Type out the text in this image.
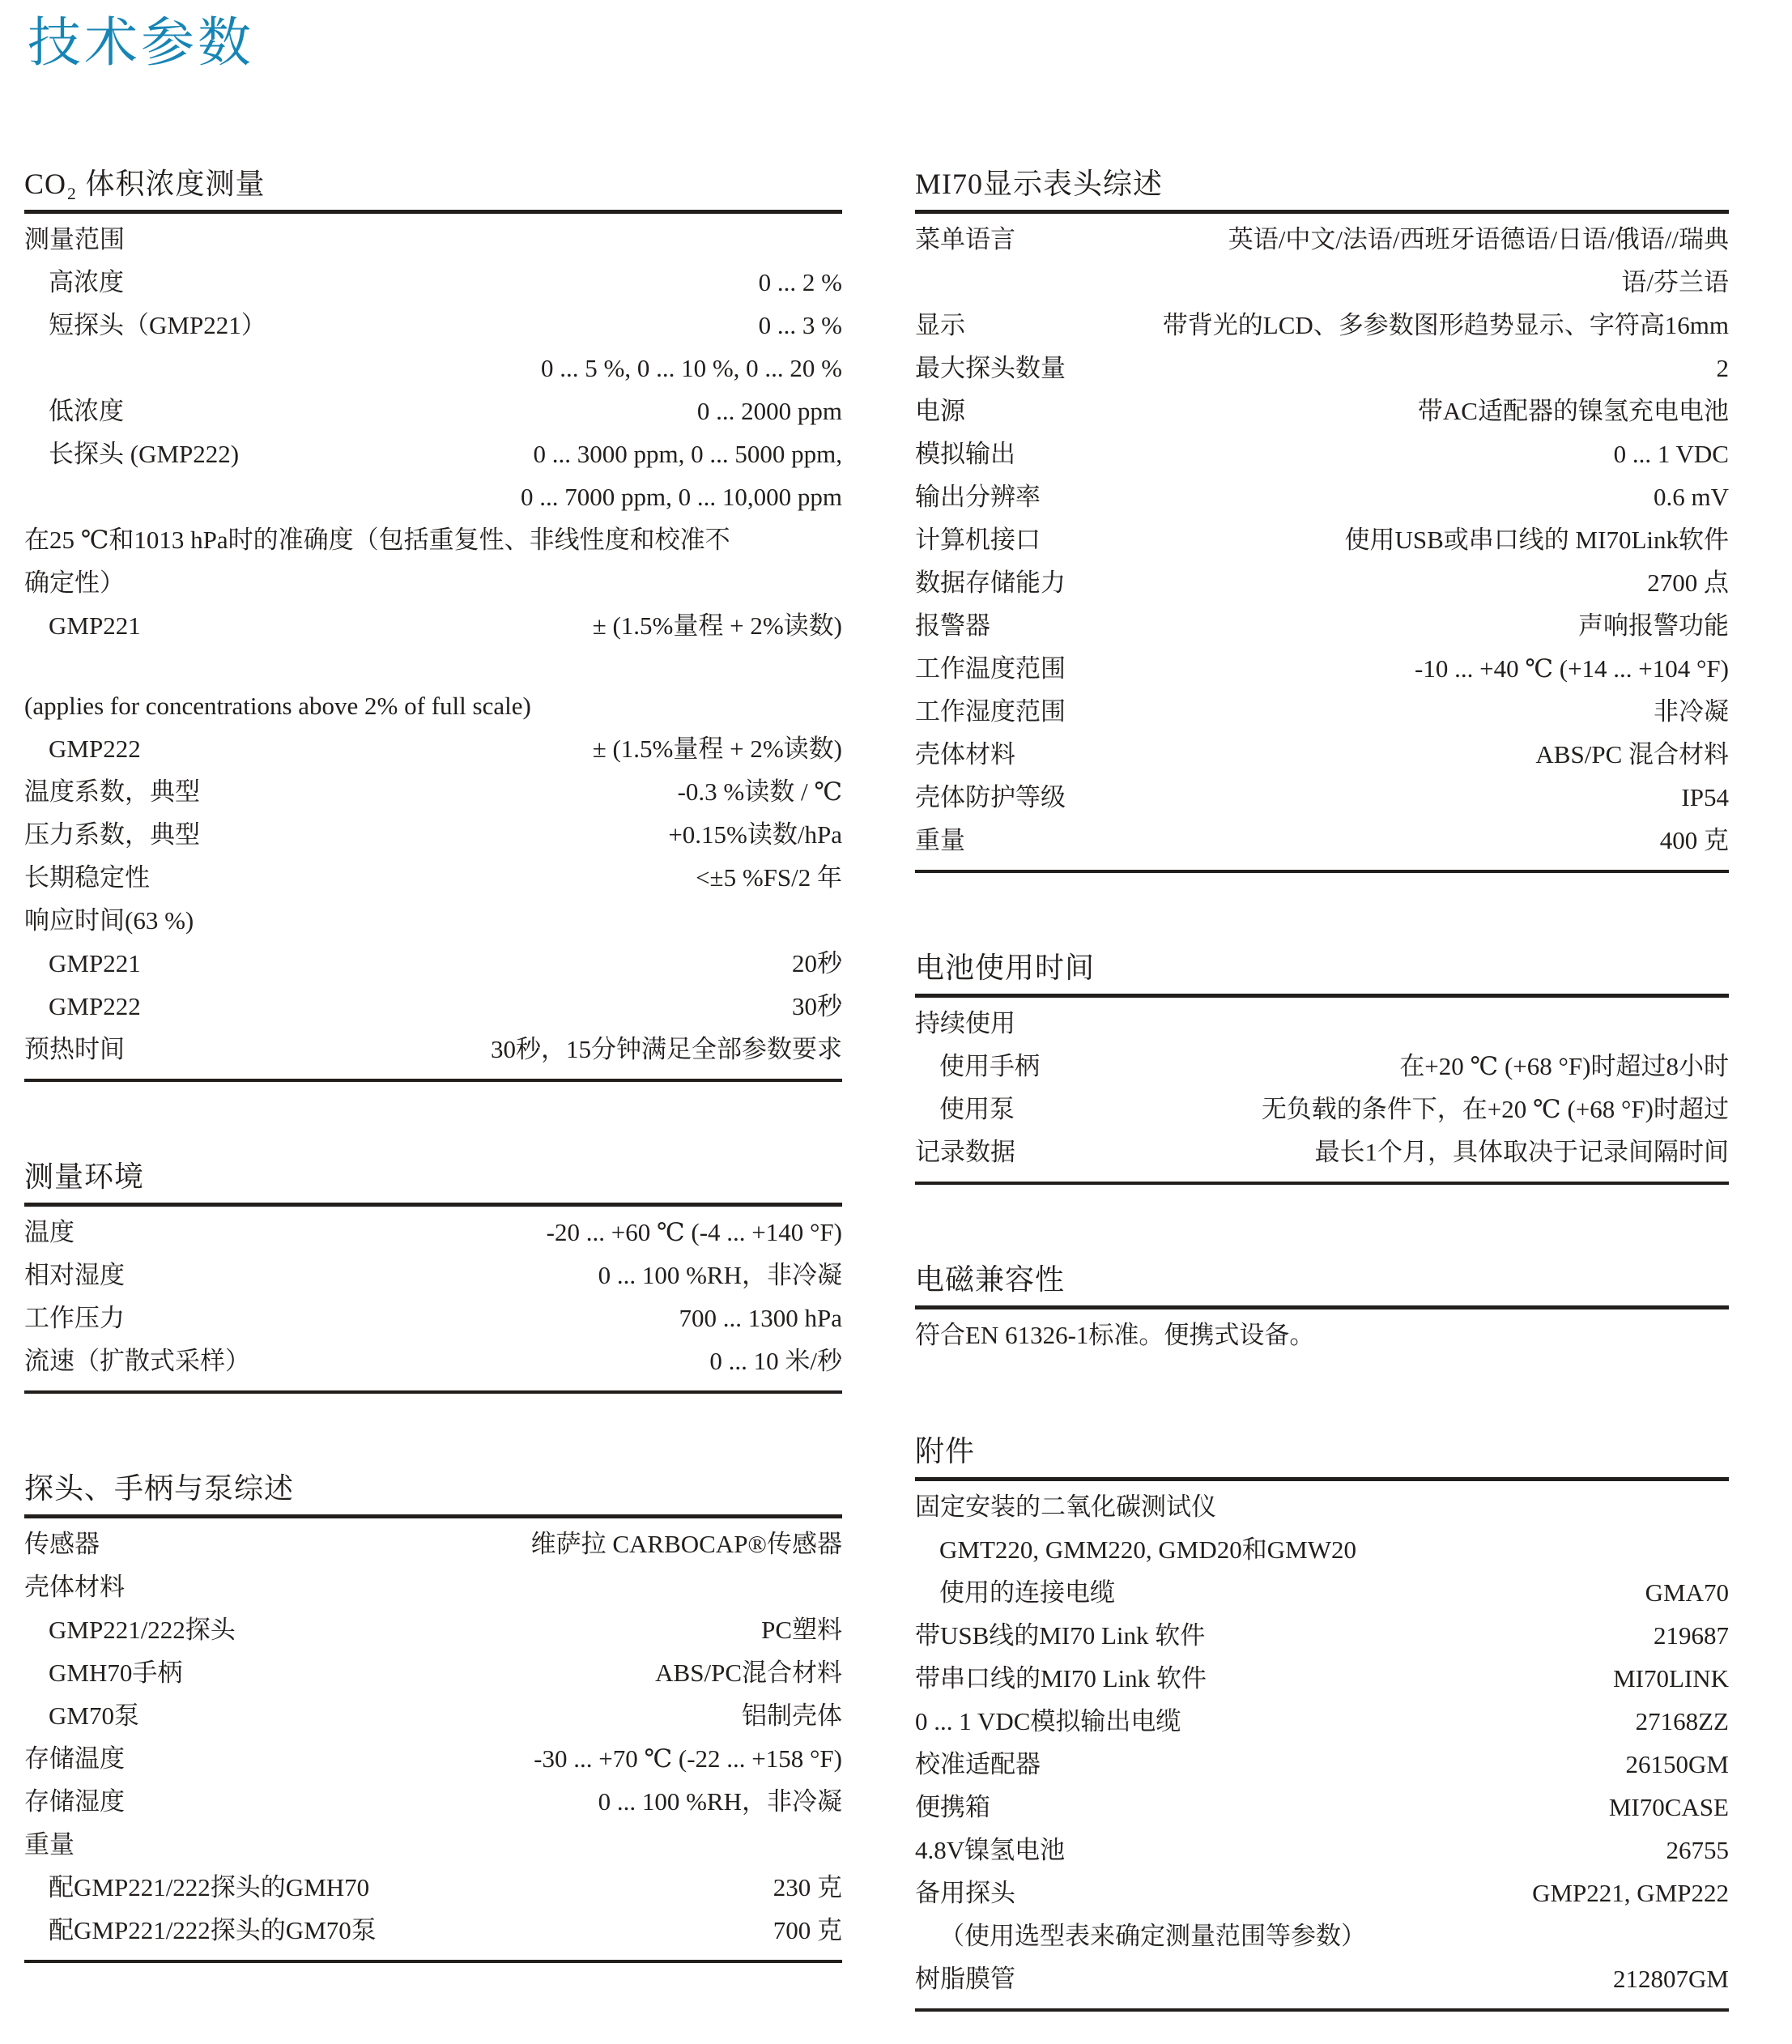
技术参数
CO₂ 体积浓度测量
测量范围
高浓度	0 ... 2 %
短探头（GMP221）	0 ... 3 %
0 ... 5 %, 0 ... 10 %, 0 ... 20 %
低浓度	0 ... 2000 ppm
长探头 (GMP222)	0 ... 3000 ppm, 0 ... 5000 ppm,
0 ... 7000 ppm, 0 ... 10,000 ppm
在25 ℃和1013 hPa时的准确度（包括重复性、非线性度和校准不
确定性）
GMP221	± (1.5%量程 + 2%读数)
(applies for concentrations above 2% of full scale)
GMP222	± (1.5%量程 + 2%读数)
温度系数，典型	-0.3 %读数 / ℃
压力系数，典型	+0.15%读数/hPa
长期稳定性	<±5 %FS/2 年
响应时间(63 %)
GMP221	20秒
GMP222	30秒
预热时间	30秒，15分钟满足全部参数要求
测量环境
温度	-20 ... +60 ℃ (-4 ... +140 °F)
相对湿度	0 ... 100 %RH，非冷凝
工作压力	700 ... 1300 hPa
流速（扩散式采样）	0 ... 10 米/秒
探头、手柄与泵综述
传感器	维萨拉 CARBOCAP®传感器
壳体材料
GMP221/222探头	PC塑料
GMH70手柄	ABS/PC混合材料
GM70泵	铝制壳体
存储温度	-30 ... +70 ℃ (-22 ... +158 °F)
存储湿度	0 ... 100 %RH，非冷凝
重量
配GMP221/222探头的GMH70	230 克
配GMP221/222探头的GM70泵	700 克
MI70显示表头综述
菜单语言	英语/中文/法语/西班牙语德语/日语/俄语//瑞典
语/芬兰语
显示	带背光的LCD、多参数图形趋势显示、字符高16mm
最大探头数量	2
电源	带AC适配器的镍氢充电电池
模拟输出	0 ... 1 VDC
输出分辨率	0.6 mV
计算机接口	使用USB或串口线的 MI70Link软件
数据存储能力	2700 点
报警器	声响报警功能
工作温度范围	-10 ... +40 ℃ (+14 ... +104 °F)
工作湿度范围	非冷凝
壳体材料	ABS/PC 混合材料
壳体防护等级	IP54
重量	400 克
电池使用时间
持续使用
使用手柄	在+20 ℃ (+68 °F)时超过8小时
使用泵	无负载的条件下，在+20 ℃ (+68 °F)时超过
记录数据	最长1个月，具体取决于记录间隔时间
电磁兼容性
符合EN 61326-1标准。便携式设备。
附件
固定安装的二氧化碳测试仪
GMT220, GMM220, GMD20和GMW20
使用的连接电缆	GMA70
带USB线的MI70 Link 软件	219687
带串口线的MI70 Link 软件	MI70LINK
0 ... 1 VDC模拟输出电缆	27168ZZ
校准适配器	26150GM
便携箱	MI70CASE
4.8V镍氢电池	26755
备用探头	GMP221, GMP222
（使用选型表来确定测量范围等参数）
树脂膜管	212807GM
